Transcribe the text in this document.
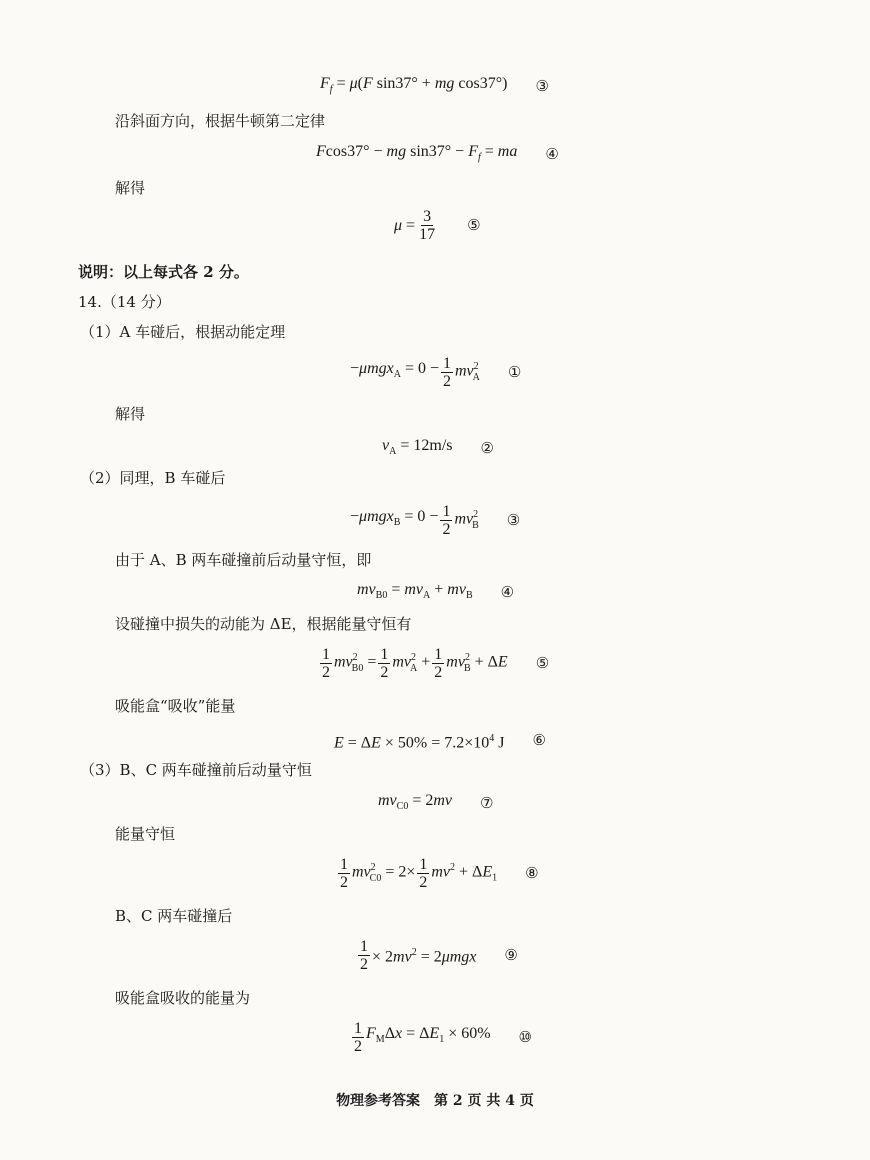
$F_f = \mu(F$ sin37° + mg cos37°) ③
沿斜面方向，根据牛顿第二定律
Fcos37° − mg $\sin 37^\circ - F_f$ = ma ④
解得
$\mu = \frac{3}{17}$ ⑤
说明：以上每式各 2 分。
14.（14 分）
（1）A 车碰后，根据动能定理
$-\mu mgx_A = 0 - \frac{1}{2} mv^2_A$ ①
解得
$v_A = 12m/s$ ②
（2）同理，B 车碰后
$-\mu mgx_B = 0 - \frac{1}{2} mv^2_B$ ③
由于 A、B 两车碰撞前后动量守恒，即
$mv_{B0} = mv_A + mv_B$ ④
设碰撞中损失的动能为 ΔE，根据能量守恒有
$\frac{1}{2} mv^2_{B0} = \frac{1}{2} mv^2_A + \frac{1}{2} mv^2_B + \Delta E$ ⑤
吸能盒“吸收”能量
$E = \Delta E \times 50\% = 7.2\times 10^4$ J ⑥
（3）B、C 两车碰撞前后动量守恒
$mv_{C0} = 2mv$ ⑦
能量守恒
$\frac{1}{2} mv^2_{C0} = 2\times \frac{1}{2} mv^2 + \Delta E_1$ ⑧
B、C 两车碰撞后
$\frac{1}{2} \times 2mv^2 = 2\mu mgx$ ⑨
吸能盒吸收的能量为
$\frac{1}{2} F_M\Delta x = \Delta E_1 \times 60\%$ ⑩
物理参考答案　第 2 页 共 4 页
